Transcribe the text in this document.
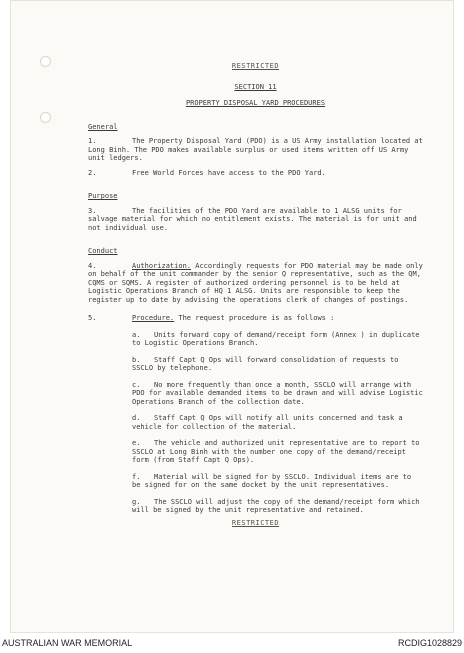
RESTRICTED

SECTION 11

PROPERTY DISPOSAL YARD PROCEDURES

General

1.	The Property Disposal Yard (PDO) is a US Army installation located at Long Binh. The PDO makes available surplus or used items written off US Army unit ledgers.

2.	Free World Forces have access to the PDO Yard.

Purpose

3.	The facilities of the PDO Yard are available to 1 ALSG units for salvage material for which no entitlement exists. The material is for unit and not individual use.

Conduct

4.	Authorization. Accordingly requests for PDO material may be made only on behalf of the unit commander by the senior Q representative, such as the QM, CQMS or SQMS. A register of authorized ordering personnel is to be held at Logistic Operations Branch of HQ 1 ALSG. Units are responsible to keep the register up to date by advising the operations clerk of changes of postings.

5.	Procedure. The request procedure is as follows :

a. Units forward copy of demand/receipt form (Annex ) in duplicate to Logistic Operations Branch.

b. Staff Capt Q Ops will forward consolidation of requests to SSCLO by telephone.

c. No more frequently than once a month, SSCLO will arrange with PDO for available demanded items to be drawn and will advise Logistic Operations Branch of the collection date.

d. Staff Capt Q Ops will notify all units concerned and task a vehicle for collection of the material.

e. The vehicle and authorized unit representative are to report to SSCLO at Long Binh with the number one copy of the demand/receipt form (from Staff Capt Q Ops).

f. Material will be signed for by SSCLO. Individual items are to be signed for on the same docket by the unit representatives.

g. The SSCLO will adjust the copy of the demand/receipt form which will be signed by the unit representative and retained.

RESTRICTED

AUSTRALIAN WAR MEMORIAL	RCDIG1028829
